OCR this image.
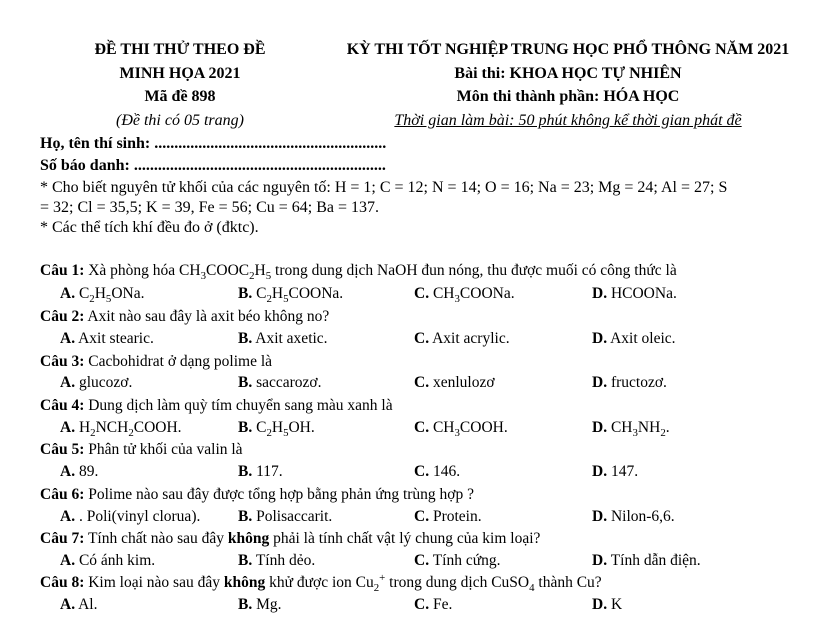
ĐỀ THI THỬ THEO ĐỀ
MINH HỌA 2021
Mã đề 898
(Đề thi có 05 trang)
KỲ THI TỐT NGHIỆP TRUNG HỌC PHỔ THÔNG NĂM 2021
Bài thi: KHOA HỌC TỰ NHIÊN
Môn thi thành phần: HÓA HỌC
Thời gian làm bài: 50 phút không kể thời gian phát đề
Họ, tên thí sinh: ..........................................................
Số báo danh: ...............................................................
* Cho biết nguyên tử khối của các nguyên tố: H = 1; C = 12; N = 14; O = 16; Na = 23; Mg = 24; Al = 27; S
= 32; Cl = 35,5; K = 39, Fe = 56; Cu = 64; Ba = 137.
* Các thể tích khí đều đo ở (đktc).
Câu 1: Xà phòng hóa $CH_3COOC_2H_5$ trong dung dịch NaOH đun nóng, thu được muối có công thức là
A. $C_2H_5ONa$.	B. $C_2H_5COONa$.	C. $CH_3COONa$.	D. HCOONa.
Câu 2: Axit nào sau đây là axit béo không no?
A. Axit stearic.	B. Axit axetic.	C. Axit acrylic.	D. Axit oleic.
Câu 3: Cacbohidrat ở dạng polime là
A. glucozơ.	B. saccarozơ.	C. xenlulozơ	D. fructozơ.
Câu 4: Dung dịch làm quỳ tím chuyển sang màu xanh là
A. $H_2NCH_2COOH$.	B. $C_2H_5OH$.	C. $CH_3COOH$.	D. $CH_3NH_2$.
Câu 5: Phân tử khối của valin là
A. 89.	B. 117.	C. 146.	D. 147.
Câu 6: Polime nào sau đây được tổng hợp bằng phản ứng trùng hợp ?
A. . Poli(vinyl clorua). B. Polisaccarit.	C. Protein.	D. Nilon-6,6.
Câu 7: Tính chất nào sau đây không phải là tính chất vật lý chung của kim loại?
A. Có ánh kim.	B. Tính dẻo.	C. Tính cứng.	D. Tính dẫn điện.
Câu 8: Kim loại nào sau đây không khử được ion $Cu_2^+$ trong dung dịch CuSO$_4$ thành Cu?
A. Al.	B. Mg.	C. Fe.	D. K
